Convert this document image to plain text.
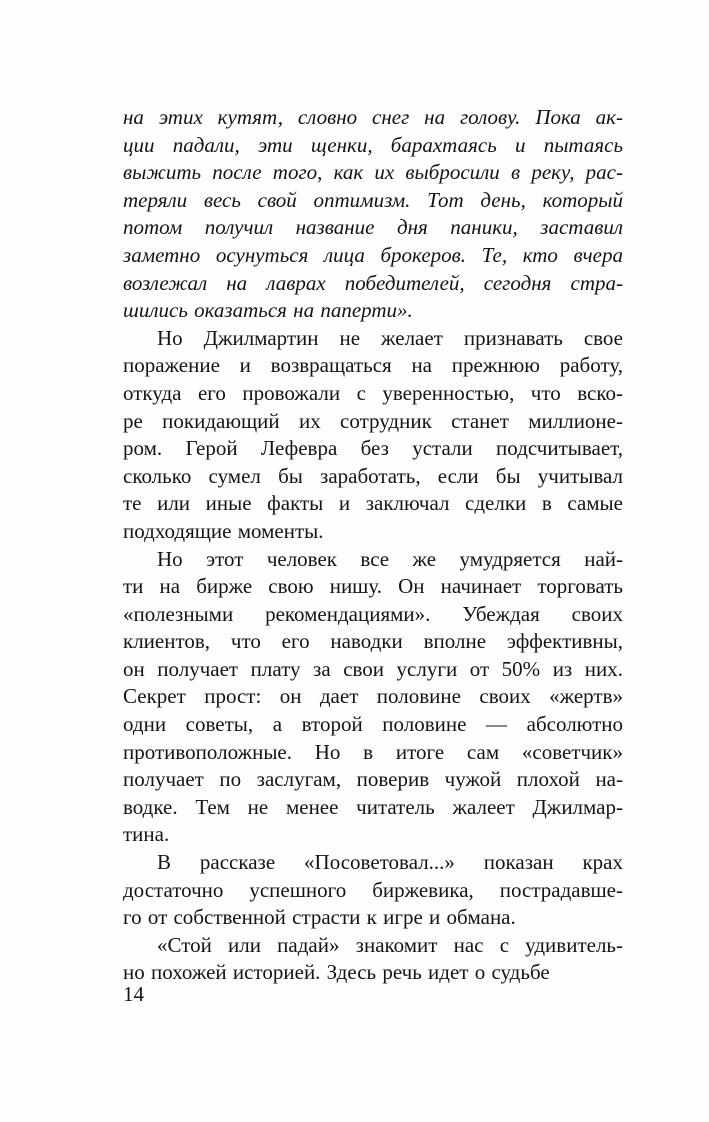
на этих кутят, словно снег на голову. Пока ак-
ции падали, эти щенки, барахтаясь и пытаясь
выжить после того, как их выбросили в реку, рас-
теряли весь свой оптимизм. Тот день, который
потом получил название дня паники, заставил
заметно осунуться лица брокеров. Те, кто вчера
возлежал на лаврах победителей, сегодня стра-
шились оказаться на паперти».
Но Джилмартин не желает признавать свое
поражение и возвращаться на прежнюю работу,
откуда его провожали с уверенностью, что вско-
ре покидающий их сотрудник станет миллионе-
ром. Герой Лефевра без устали подсчитывает,
сколько сумел бы заработать, если бы учитывал
те или иные факты и заключал сделки в самые
подходящие моменты.
Но этот человек все же умудряется най-
ти на бирже свою нишу. Он начинает торговать
«полезными рекомендациями». Убеждая своих
клиентов, что его наводки вполне эффективны,
он получает плату за свои услуги от 50% из них.
Секрет прост: он дает половине своих «жертв»
одни советы, а второй половине — абсолютно
противоположные. Но в итоге сам «советчик»
получает по заслугам, поверив чужой плохой на-
водке. Тем не менее читатель жалеет Джилмар-
тина.
В рассказе «Посоветовал...» показан крах
достаточно успешного биржевика, пострадавше-
го от собственной страсти к игре и обмана.
«Стой или падай» знакомит нас с удивитель-
но похожей историей. Здесь речь идет о судьбе
14
